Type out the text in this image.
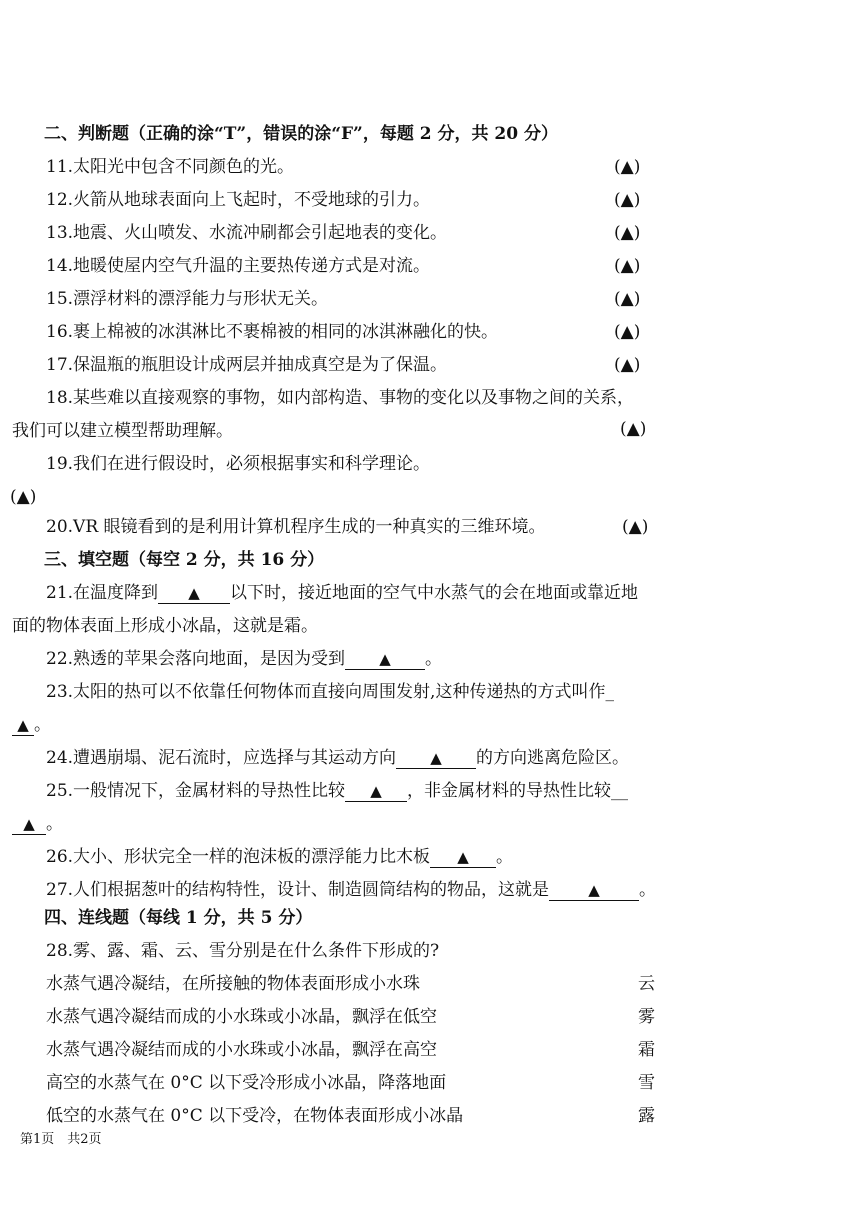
二、判断题（正确的涂“T”，错误的涂“F”，每题 2 分，共 20 分）
11.太阳光中包含不同颜色的光。	(▲)
12.火箭从地球表面向上飞起时，不受地球的引力。	(▲)
13.地震、火山喷发、水流冲刷都会引起地表的变化。	(▲)
14.地暖使屋内空气升温的主要热传递方式是对流。	(▲)
15.漂浮材料的漂浮能力与形状无关。	(▲)
16.裹上棉被的冰淇淋比不裹棉被的相同的冰淇淋融化的快。	(▲)
17.保温瓶的瓶胆设计成两层并抽成真空是为了保温。	(▲)
18.某些难以直接观察的事物，如内部构造、事物的变化以及事物之间的关系，
我们可以建立模型帮助理解。	(▲)
19.我们在进行假设时，必须根据事实和科学理论。
(▲)
20.VR 眼镜看到的是利用计算机程序生成的一种真实的三维环境。	(▲)
三、填空题（每空 2 分，共 16 分）
21.在温度降到 ▲ 以下时，接近地面的空气中水蒸气的会在地面或靠近地
面的物体表面上形成小冰晶，这就是霜。
22.熟透的苹果会落向地面，是因为受到 ▲ 。
23.太阳的热可以不依靠任何物体而直接向周围发射,这种传递热的方式叫作_
▲ 。
24.遭遇崩塌、泥石流时，应选择与其运动方向 ▲ 的方向逃离危险区。
25.一般情况下，金属材料的导热性比较 ▲ ，非金属材料的导热性比较__
▲ 。
26.大小、形状完全一样的泡沫板的漂浮能力比木板 ▲ 。
27.人们根据葱叶的结构特性，设计、制造圆筒结构的物品，这就是	▲ 。
四、连线题（每线 1 分，共 5 分）
28.雾、露、霜、云、雪分别是在什么条件下形成的?
水蒸气遇冷凝结，在所接触的物体表面形成小水珠	云
水蒸气遇冷凝结而成的小水珠或小冰晶，飘浮在低空	雾
水蒸气遇冷凝结而成的小水珠或小冰晶，飘浮在高空	霜
高空的水蒸气在 0°C 以下受冷形成小冰晶，降落地面	雪
低空的水蒸气在 0°C 以下受冷，在物体表面形成小冰晶	露
第1页　共2页
